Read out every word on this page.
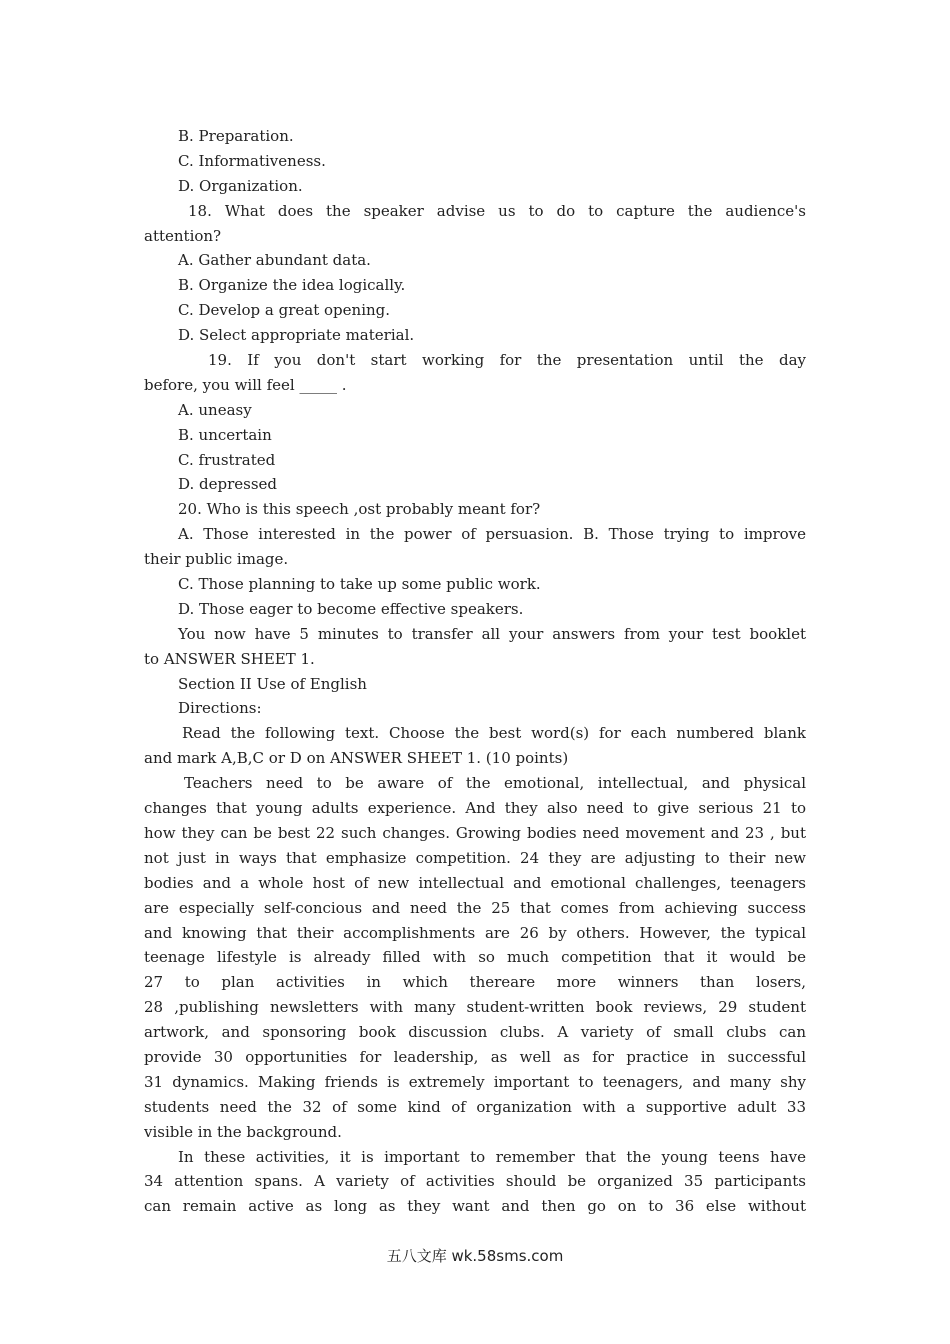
B. Preparation.
C. Informativeness.
D. Organization.
18. What does the speaker advise us to do to capture the audience's
attention?
A. Gather abundant data.
B. Organize the idea logically.
C. Develop a great opening.
D. Select appropriate material.
19. If you don't start working for the presentation until the day
before, you will feel _____ .
A. uneasy
B. uncertain
C. frustrated
D. depressed
20. Who is this speech ,ost probably meant for?
A. Those interested in the power of persuasion. B. Those trying to improve
their public image.
C. Those planning to take up some public work.
D. Those eager to become effective speakers.
You now have 5 minutes to transfer all your answers from your test booklet
to ANSWER SHEET 1.
Section II Use of English
Directions:
Read the following text. Choose the best word(s) for each numbered blank
and mark A,B,C or D on ANSWER SHEET 1. (10 points)
Teachers need to be aware of the emotional, intellectual, and physical
changes that young adults experience. And they also need to give serious 21 to
how they can be best 22 such changes. Growing bodies need movement and 23 , but
not just in ways that emphasize competition. 24 they are adjusting to their new
bodies and a whole host of new intellectual and emotional challenges, teenagers
are especially self-concious and need the 25 that comes from achieving success
and knowing that their accomplishments are 26 by others. However, the typical
teenage lifestyle is already filled with so much competition that it would be
27 to plan activities in which thereare more winners than losers,
28 ,publishing newsletters with many student-written book reviews, 29 student
artwork, and sponsoring book discussion clubs. A variety of small clubs can
provide 30 opportunities for leadership, as well as for practice in successful
31 dynamics. Making friends is extremely important to teenagers, and many shy
students need the 32 of some kind of organization with a supportive adult 33
visible in the background.
In these activities, it is important to remember that the young teens have
34 attention spans. A variety of activities should be organized 35 participants
can remain active as long as they want and then go on to 36 else without
五八文库 wk.58sms.com
